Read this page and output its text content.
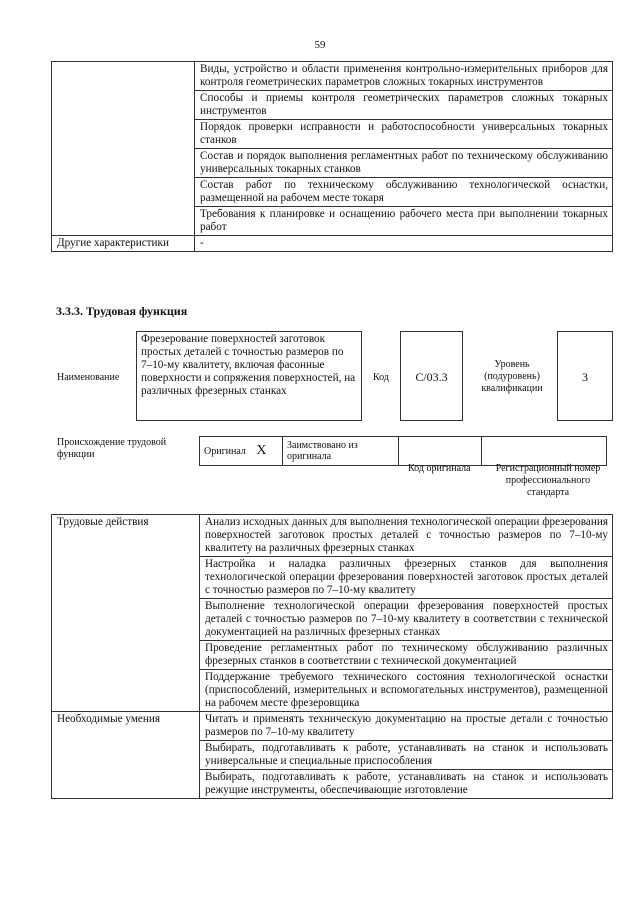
59
	Виды, устройство и области применения контрольно-измерительных приборов для контроля геометрических параметров сложных токарных инструментов
	Способы и приемы контроля геометрических параметров сложных токарных инструментов
	Порядок проверки исправности и работоспособности универсальных токарных станков
	Состав и порядок выполнения регламентных работ по техническому обслуживанию универсальных токарных станков
	Состав работ по техническому обслуживанию технологической оснастки, размещенной на рабочем месте токаря
	Требования к планировке и оснащению рабочего места при выполнении токарных работ
Другие характеристики	-
3.3.3. Трудовая функция
Наименование
Фрезерование поверхностей заготовок простых деталей с точностью размеров по 7–10-му квалитету, включая фасонные поверхности и сопряжения поверхностей, на различных фрезерных станках
Код	C/03.3
Уровень (подуровень) квалификации
3
Происхождение трудовой функции	Оригинал X	Заимствовано из оригинала		
Код оригинала	Регистрационный номер профессионального стандарта
Трудовые действия	Анализ исходных данных для выполнения технологической операции фрезерования поверхностей заготовок простых деталей с точностью размеров по 7–10-му квалитету на различных фрезерных станках
	Настройка и наладка различных фрезерных станков для выполнения технологической операции фрезерования поверхностей заготовок простых деталей с точностью размеров по 7–10-му квалитету
	Выполнение технологической операции фрезерования поверхностей простых деталей с точностью размеров по 7–10-му квалитету в соответствии с технической документацией на различных фрезерных станках
	Проведение регламентных работ по техническому обслуживанию различных фрезерных станков в соответствии с технической документацией
	Поддержание требуемого технического состояния технологической оснастки (приспособлений, измерительных и вспомогательных инструментов), размещенной на рабочем месте фрезеровщика
Необходимые умения	Читать и применять техническую документацию на простые детали с точностью размеров по 7–10-му квалитету
	Выбирать, подготавливать к работе, устанавливать на станок и использовать универсальные и специальные приспособления
	Выбирать, подготавливать к работе, устанавливать на станок и использовать режущие инструменты, обеспечивающие изготовление
